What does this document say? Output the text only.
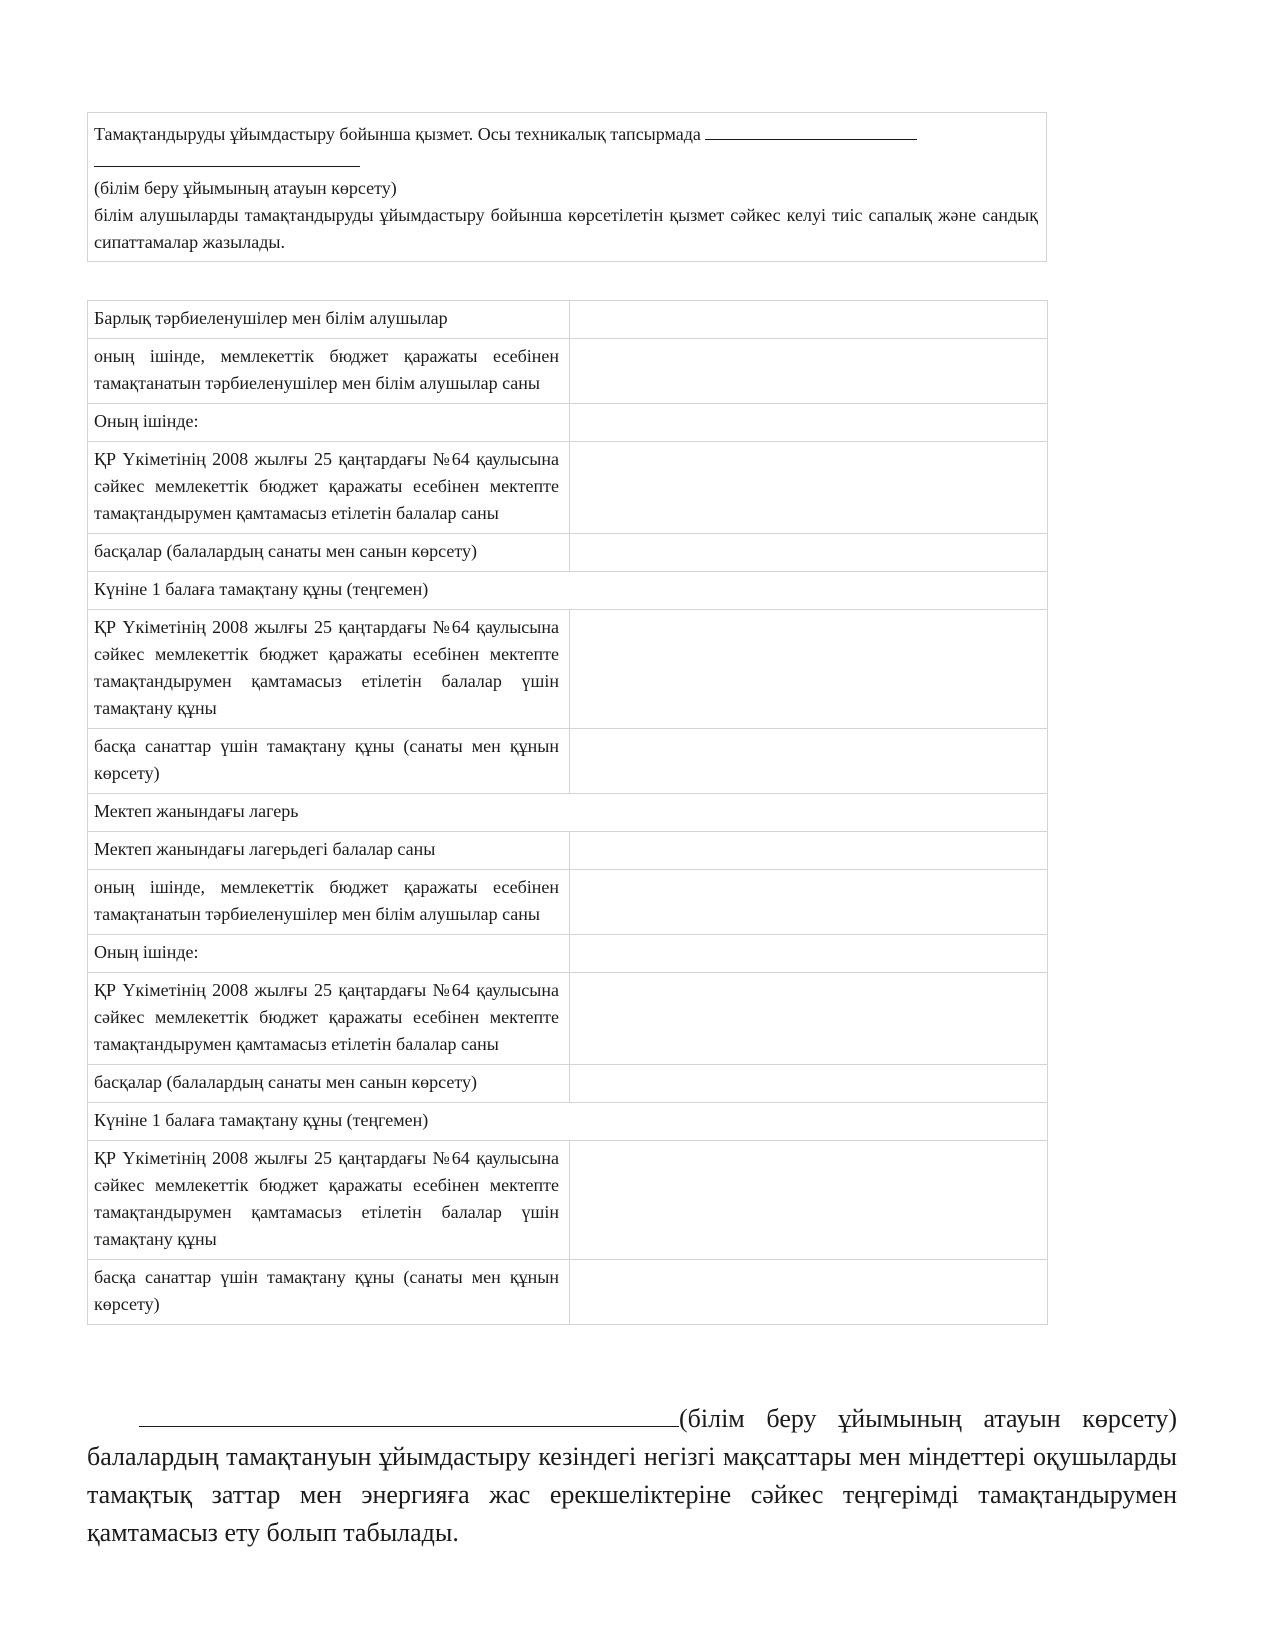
Тамақтандыруды ұйымдастыру бойынша қызмет. Осы техникалық тапсырмада

(білім беру ұйымының атауын көрсету)

білім алушыларды тамақтандыруды ұйымдастыру бойынша көрсетілетін қызмет сәйкес келуі тиіс сапалық және сандық сипаттамалар жазылады.

Барлық тәрбиеленушілер мен білім алушылар	
оның ішінде, мемлекеттік бюджет қаражаты есебінен тамақтанатын тәрбиеленушілер мен білім алушылар саны	
Оның ішінде:	
ҚР Үкіметінің 2008 жылғы 25 қаңтардағы №64 қаулысына сәйкес мемлекеттік бюджет қаражаты есебінен мектепте тамақтандырумен қамтамасыз етілетін балалар саны	
басқалар (балалардың санаты мен санын көрсету)	
Күніне 1 балаға тамақтану құны (теңгемен)	
ҚР Үкіметінің 2008 жылғы 25 қаңтардағы №64 қаулысына сәйкес мемлекеттік бюджет қаражаты есебінен мектепте тамақтандырумен қамтамасыз етілетін балалар үшін тамақтану құны	
басқа санаттар үшін тамақтану құны (санаты мен құнын көрсету)	
Мектеп жанындағы лагерь	
Мектеп жанындағы лагерьдегі балалар саны	
оның ішінде, мемлекеттік бюджет қаражаты есебінен тамақтанатын тәрбиеленушілер мен білім алушылар саны	
Оның ішінде:	
ҚР Үкіметінің 2008 жылғы 25 қаңтардағы №64 қаулысына сәйкес мемлекеттік бюджет қаражаты есебінен мектепте тамақтандырумен қамтамасыз етілетін балалар саны	
басқалар (балалардың санаты мен санын көрсету)	
Күніне 1 балаға тамақтану құны (теңгемен)	
ҚР Үкіметінің 2008 жылғы 25 қаңтардағы №64 қаулысына сәйкес мемлекеттік бюджет қаражаты есебінен мектепте тамақтандырумен қамтамасыз етілетін балалар үшін тамақтану құны	
басқа санаттар үшін тамақтану құны (санаты мен құнын көрсету)	

(білім беру ұйымының атауын көрсету) балалардың тамақтануын ұйымдастыру кезіндегі негізгі мақсаттары мен міндеттері оқушыларды тамақтық заттар мен энергияға жас ерекшеліктеріне сәйкес теңгерімді тамақтандырумен қамтамасыз ету болып табылады.
